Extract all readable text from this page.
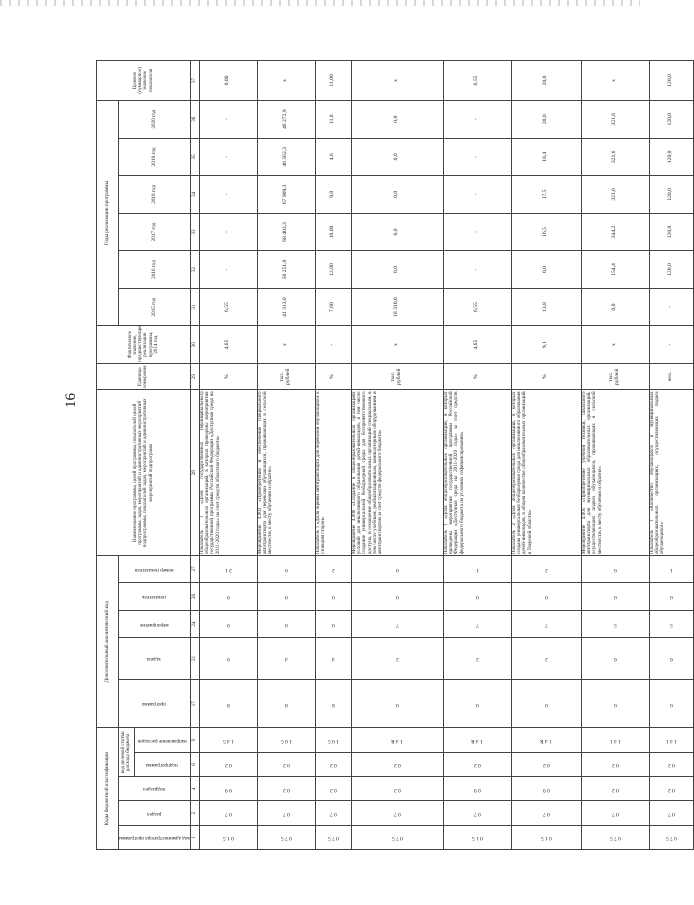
16
Коды бюджетной классификации					Дополнительный аналитический код					Наименование программы, целей программы, показателей целей программы, задач, мероприятий и административных мероприятий подпрограммы, показателей задач, мероприятий и административных мероприятий подпрограмм	Единица измерения	Фактическое значение, предшествующее реализации программы, 2014 год	Годы реализации программы						Целевое (суммарное) значение показателя

код администратора программы	раздел	подраздел	код целевой статьи расхода бюджета		программа	задача	мероприятие	показатель	номер показателя				2015 год	2016 год	2017 год	2018 год	2019 год	2020 год	

			подпрограмма	направление расходов															

1	2	4	6	9	17	21	24	26	27	28	29	30	31	32	33	34	35	36	37

0 1 5	0 7	0 9	0 2	1 4 5	8	0	0	0	2 1	Показатель 1 «Доля государственных (муниципальных) общеобразовательных организаций, в которых проведены мероприятия государственной программы Российской Федерации «Доступная среда на 2011-2020 годы» на счет средств областного бюджета»	%	4,65	6,55	-	-	-	-	-	0,00

0 7 5	0 7	0 2	0 2	1 0 5	8	4	0	0	0	Мероприятие 4.002 «Приобретение и обеспечение специального автотранспорта для перевозки обучающихся, проживающих в сельской местности, к месту обучения и обратно»	тыс. рублей	x	41 313,0	50 251,0	68 403,3	67 909,3	46 562,3	46 272,9	x

0 7 5	0 7	0 2	0 2	1 0 5	8	4	0	0	2	Показатель 1 «Доля оценки автотранспорта для перевозки обучающихся к стоящим сторон»	%	-	7,60	12,00	10,00	9,0	4,6	11,0	11,00

0 7 5	0 7	0 2	0 2	1 4 R	0	2	7	0	0	Мероприятие 4.006 «Создание в общеобразовательных организациях условий для инклюзивного образования детей-инвалидов, в том числе создание универсальной безбарьерной среды для беспрепятственного доступа, и оснащение общеобразовательных организаций специальным, в том числе учебным, реабилитационным, компьютерным оборудованием и автотранспортом за счет средств федерального бюджета»	тыс. рублей	x	18 310,0	0,0	0,0	0,0	0,0	0,0	x

0 1 5	0 7	0 9	0 2	1 4 R	0	2	7	0	1	Показатель 1 «Доля общеобразовательных организаций, в которых проведены мероприятия государственной программы Российской Федерации «Доступная среда на 2011-2020 годы» за счет средств федерального бюджета на условиях софинансирования»	%	4,65	6,55	-	-	-	-	-	6,55

0 1 5	0 7	0 9	0 2	1 4 R	0	2	7	0	2	Показатель 2 «Доля общеобразовательных организаций, в которых создана универсальная безбарьерная среда для инклюзивного образования детей-инвалидов, в общем количестве общеобразовательных организаций в Тверской области»	%	9,1	13,8	0,0	16,5	17,5	18,4	20,0	20,0

0 7 5	0 7	0 2	0 2	1 4 1	0	6	5	0	0	Мероприятие 4.005 «Приобретение учебной техники, школьного автотранспорта для муниципальных образовательных организаций, осуществляющих подвоз обучающихся, проживающих в сельской местности, к месту обучения и обратно»	тыс. рублей	x	0,0	154,4	344,2	321,6	321,6	321,6	x

0 7 5	0 7	0 2	0 2	1 4 1	0	6	5	0	1	Показатель 1 «Количество обучающихся в муниципальных общеобразовательных организациях, осуществляющих подвоз обучающихся»	чел.	-	-	120,0	120,0	120,0	120,0	120,0	120,0
